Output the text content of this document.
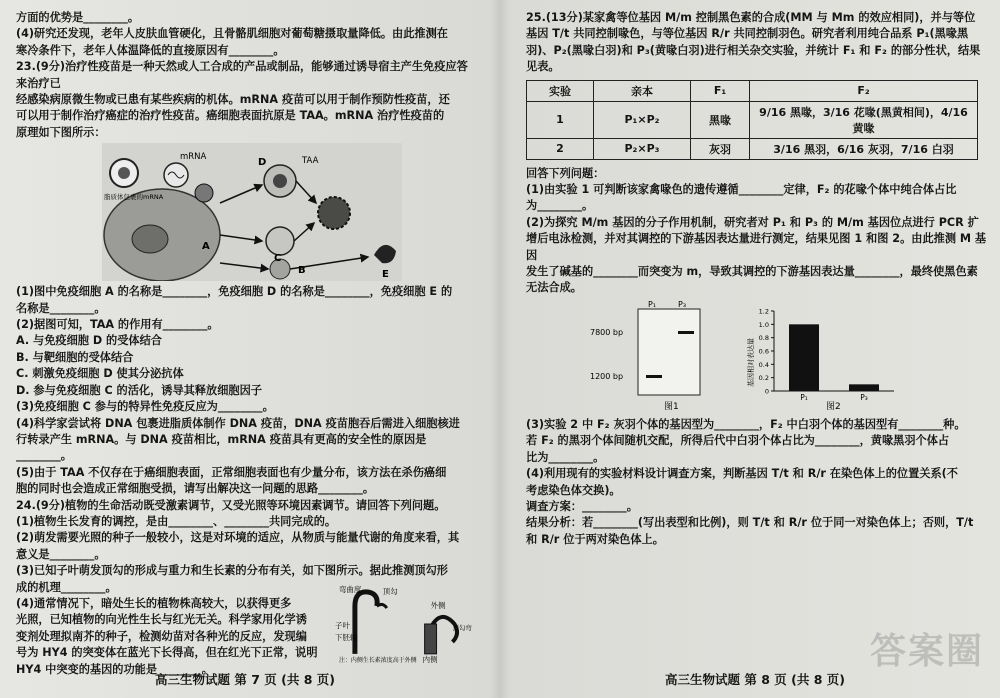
方面的优势是________。

(4)研究还发现，老年人皮肤血管硬化，且骨骼肌细胞对葡萄糖摄取量降低。由此推测在

寒冷条件下，老年人体温降低的直接原因有________。

23.(9分)治疗性疫苗是一种天然或人工合成的产品或制品，能够通过诱导宿主产生免疫应答来治疗已

经感染病原微生物或已患有某些疾病的机体。mRNA 疫苗可以用于制作预防性疫苗，还

可以用于制作治疗癌症的治疗性疫苗。癌细胞表面抗原是 TAA。mRNA 治疗性疫苗的

原理如下图所示：

mRNA	TAA
脂质体包裹的mRNA
A
B
C
D
E

(1)图中免疫细胞 A 的名称是________，免疫细胞 D 的名称是________，免疫细胞 E 的

名称是________。

(2)据图可知，TAA 的作用有________。

A. 与免疫细胞 D 的受体结合

B. 与靶细胞的受体结合

C. 刺激免疫细胞 D 使其分泌抗体

D. 参与免疫细胞 C 的活化，诱导其释放细胞因子

(3)免疫细胞 C 参与的特异性免疫反应为________。

(4)科学家尝试将 DNA 包裹进脂质体制作 DNA 疫苗，DNA 疫苗胞吞后需进入细胞核进

行转录产生 mRNA。与 DNA 疫苗相比，mRNA 疫苗具有更高的安全性的原因是________。

(5)由于 TAA 不仅存在于癌细胞表面，正常细胞表面也有少量分布，该方法在杀伤癌细

胞的同时也会造成正常细胞受损，请写出解决这一问题的思路________。

24.(9分)植物的生命活动既受激素调节，又受光照等环境因素调节。请回答下列问题。

(1)植物生长发育的调控，是由________、________共同完成的。

(2)萌发需要光照的种子一般较小，这是对环境的适应，从物质与能量代谢的角度来看，其

意义是________。

(3)已知子叶萌发顶勾的形成与重力和生长素的分布有关，如下图所示。据此推测顶勾形

成的机理________。

(4)通常情况下，暗处生长的植物株高较大，以获得更多

光照，已知植物的向光性生长与红光无关。科学家用化学诱

变剂处理拟南芥的种子，检测幼苗对各种光的反应，发现编

号为 HY4 的突变体在蓝光下长得高，但在红光下正常，说明

HY4 中突变的基因的功能是________。

弯曲度	顶勾
子叶
下胚轴
外侧
顶勾弯
内侧
注：内侧生长素浓度高于外侧
高三生物试题 第 7 页 (共 8 页)

25.(13分)某家禽等位基因 M/m 控制黑色素的合成(MM 与 Mm 的效应相同)，并与等位

基因 T/t 共同控制喙色，与等位基因 R/r 共同控制羽色。研究者利用纯合品系 P₁(黑喙黑

羽)、P₂(黑喙白羽)和 P₃(黄喙白羽)进行相关杂交实验，并统计 F₁ 和 F₂ 的部分性状，结果

见表。

实验	亲本	F₁	F₂
1	P₁×P₂	黑喙	9/16 黑喙，3/16 花喙(黑黄相间)，4/16 黄喙
2	P₂×P₃	灰羽	3/16 黑羽，6/16 灰羽，7/16 白羽

回答下列问题：

(1)由实验 1 可判断该家禽喙色的遗传遵循________定律，F₂ 的花喙个体中纯合体占比

为________。

(2)为探究 M/m 基因的分子作用机制，研究者对 P₁ 和 P₃ 的 M/m 基因位点进行 PCR 扩

增后电泳检测，并对其调控的下游基因表达量进行测定，结果见图 1 和图 2。由此推测 M 基因

发生了碱基的________而突变为 m，导致其调控的下游基因表达量________，最终使黑色素

无法合成。

P₁	P₃
7800 bp
1200 bp
图1
基因相对表达量
图2
0
0.2
0.4
0.6
0.8
1.0
1.2
P₁	P₃

(3)实验 2 中 F₂ 灰羽个体的基因型为________，F₂ 中白羽个体的基因型有________种。

若 F₂ 的黑羽个体间随机交配，所得后代中白羽个体占比为________，黄喙黑羽个体占

比为________。

(4)利用现有的实验材料设计调查方案，判断基因 T/t 和 R/r 在染色体上的位置关系(不

考虑染色体交换)。

调查方案：________。

结果分析：若________(写出表型和比例)，则 T/t 和 R/r 位于同一对染色体上；否则，T/t

和 R/r 位于两对染色体上。

答案圈
高三生物试题 第 8 页 (共 8 页)
